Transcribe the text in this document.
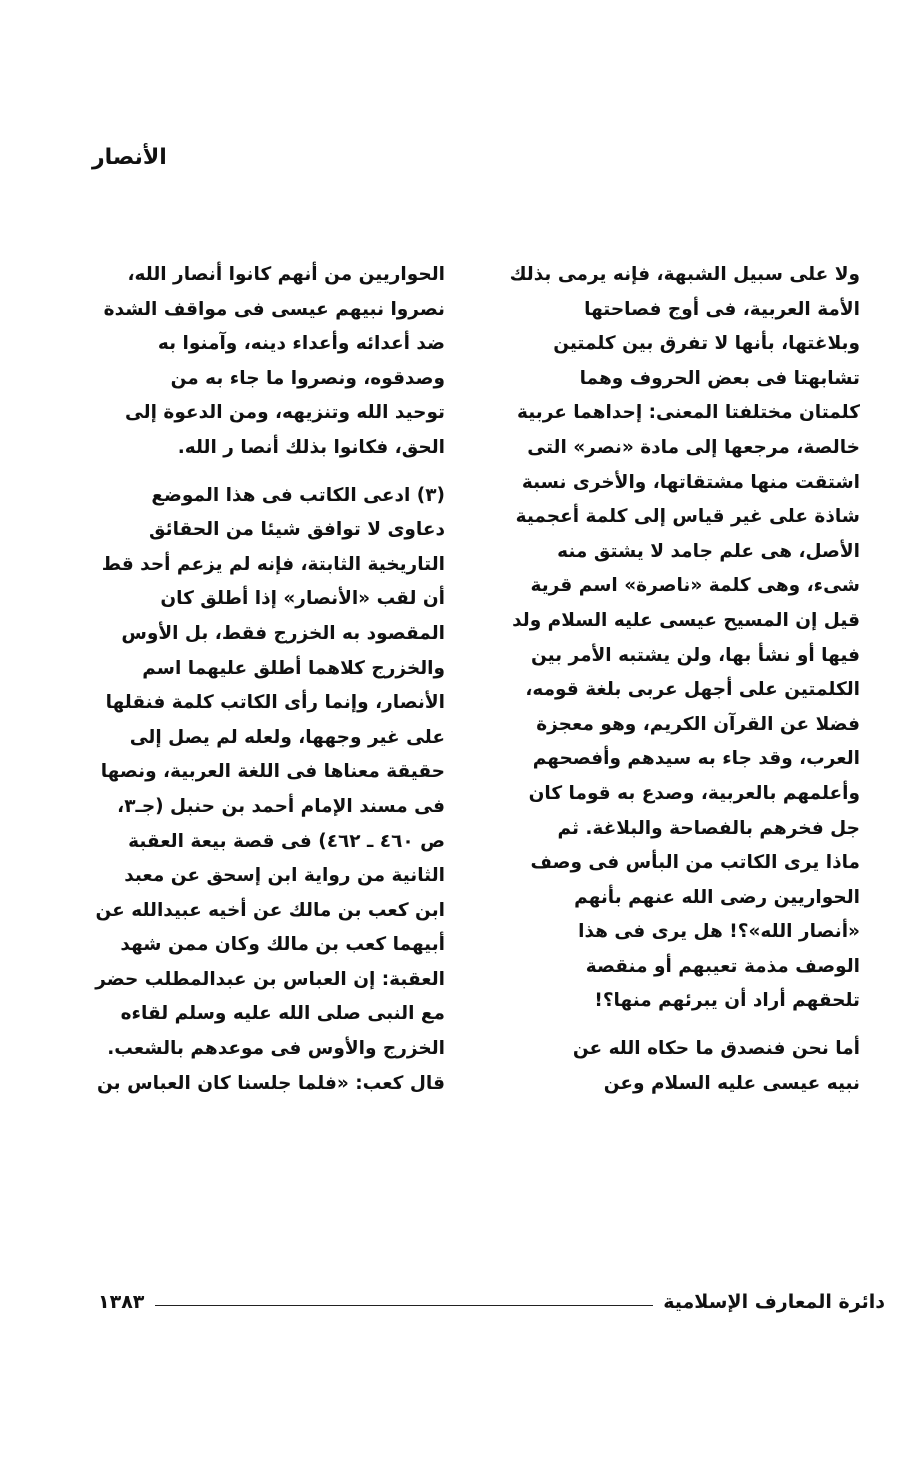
الأنصار
ولا على سبيل الشبهة، فإنه يرمى بذلك
الأمة العربية، فى أوج فصاحتها
وبلاغتها، بأنها لا تفرق بين كلمتين
تشابهتا فى بعض الحروف وهما
كلمتان مختلفتا المعنى: إحداهما عربية
خالصة، مرجعها إلى مادة «نصر» التى
اشتقت منها مشتقاتها، والأخرى نسبة
شاذة على غير قياس إلى كلمة أعجمية
الأصل، هى علم جامد لا يشتق منه
شىء، وهى كلمة «ناصرة» اسم قرية
قيل إن المسيح عيسى عليه السلام ولد
فيها أو نشأ بها، ولن يشتبه الأمر بين
الكلمتين على أجهل عربى بلغة قومه،
فضلا عن القرآن الكريم، وهو معجزة
العرب، وقد جاء به سيدهم وأفصحهم
وأعلمهم بالعربية، وصدع به قوما كان
جل فخرهم بالفصاحة والبلاغة. ثم
ماذا يرى الكاتب من البأس فى وصف
الحواريين رضى الله عنهم بأنهم
«أنصار الله»؟! هل يرى فى هذا
الوصف مذمة تعيبهم أو منقصة
تلحقهم أراد أن يبرئهم منها؟!
أما نحن فنصدق ما حكاه الله عن
نبيه عيسى عليه السلام وعن
الحواريين من أنهم كانوا أنصار الله،
نصروا نبيهم عيسى فى مواقف الشدة
ضد أعدائه وأعداء دينه، وآمنوا به
وصدقوه، ونصروا ما جاء به من
توحيد الله وتنزيهه، ومن الدعوة إلى
الحق، فكانوا بذلك أنصا ر الله.
(٣) ادعى الكاتب فى هذا الموضع
دعاوى لا توافق شيئا من الحقائق
التاريخية الثابتة، فإنه لم يزعم أحد قط
أن لقب «الأنصار» إذا أطلق كان
المقصود به الخزرج فقط، بل الأوس
والخزرج كلاهما أطلق عليهما اسم
الأنصار، وإنما رأى الكاتب كلمة فنقلها
على غير وجهها، ولعله لم يصل إلى
حقيقة معناها فى اللغة العربية، ونصها
فى مسند الإمام أحمد بن حنبل (جـ٣،
ص ٤٦٠ ـ ٤٦٢) فى قصة بيعة العقبة
الثانية من رواية ابن إسحق عن معبد
ابن كعب بن مالك عن أخيه عبيدالله عن
أبيهما كعب بن مالك وكان ممن شهد
العقبة: إن العباس بن عبدالمطلب حضر
مع النبى صلى الله عليه وسلم لقاءه
الخزرج والأوس فى موعدهم بالشعب.
قال كعب: «فلما جلسنا كان العباس بن
دائرة المعارف الإسلامية
١٣٨٣
